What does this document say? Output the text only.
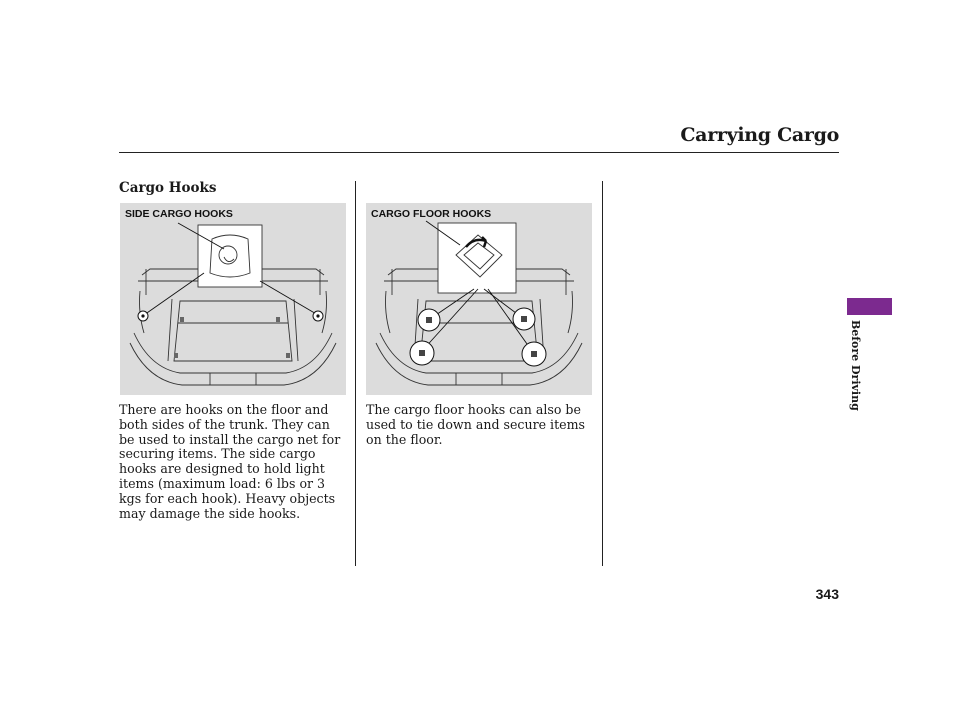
Carrying Cargo
Cargo Hooks
SIDE CARGO HOOKS	CARGO FLOOR HOOKS
There are hooks on the floor and both sides of the trunk. They can be used to install the cargo net for securing items. The side cargo hooks are designed to hold light items (maximum load: 6 lbs or 3 kgs for each hook). Heavy objects may damage the side hooks.
The cargo floor hooks can also be used to tie down and secure items on the floor.
Before Driving
343
